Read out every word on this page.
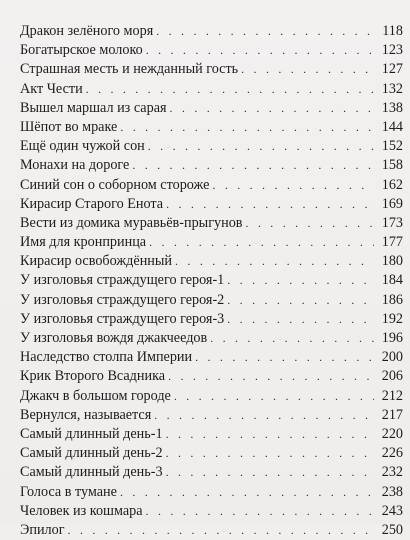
Дракон зелёного моря . . .	118
Богатырское молоко . . .	123
Страшная месть и нежданный гость . . .	127
Акт Чести . . .	132
Вышел маршал из сарая . . .	138
Шёпот во мраке . . .	144
Ещё один чужой сон . . .	152
Монахи на дороге . . .	158
Синий сон о соборном стороже . . .	162
Кирасир Старого Енота . . .	169
Вести из домика муравьёв-прыгунов . . .	173
Имя для кронпринца . . .	177
Кирасир освобождённый . . .	180
У изголовья страждущего героя-1 . . .	184
У изголовья страждущего героя-2 . . .	186
У изголовья страждущего героя-3 . . .	192
У изголовья вождя джакчеедов . . .	196
Наследство столпа Империи . . .	200
Крик Второго Всадника . . .	206
Джакч в большом городе . . .	212
Вернулся, называется . . .	217
Самый длинный день-1 . . .	220
Самый длинный день-2 . . .	226
Самый длинный день-3 . . .	232
Голоса в тумане . . .	238
Человек из кошмара . . .	243
Эпилог . . .	250
